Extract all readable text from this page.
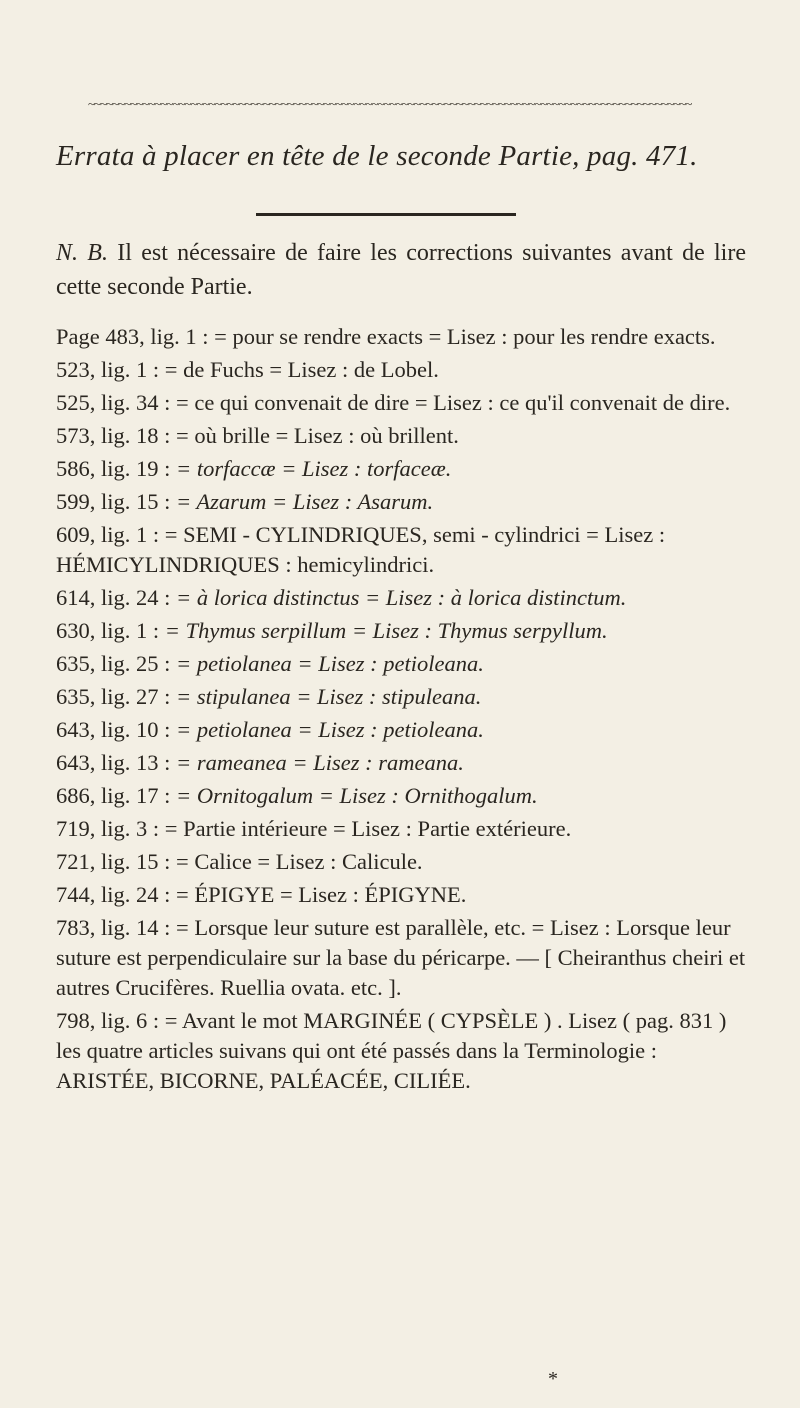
~~~~~~~~~~~~~~~~~~~~~~~~~~~~~~~~~~~~~~~~~~~~~~~~~~~~~~~~~~~~~~~~~~~~~~~~~~~~~~~~~~~~~~~~~~~~~~~~~~~~
Errata à placer en tête de le seconde Partie, pag. 471.
N. B. Il est nécessaire de faire les corrections suivantes avant de lire cette seconde Partie.
Page 483, lig. 1 : = pour se rendre exacts = Lisez : pour les rendre exacts.
523, lig. 1 : = de Fuchs = Lisez : de Lobel.
525, lig. 34 : = ce qui convenait de dire = Lisez : ce qu'il convenait de dire.
573, lig. 18 : = où brille = Lisez : où brillent.
586, lig. 19 : = torfaccæ = Lisez : torfaceæ.
599, lig. 15 : = Azarum = Lisez : Asarum.
609, lig. 1 : = SEMI - CYLINDRIQUES, semi - cylindrici = Lisez : HÉMICYLINDRIQUES : hemicylindrici.
614, lig. 24 : = à lorica distinctus = Lisez : à lorica distinctum.
630, lig. 1 : = Thymus serpillum = Lisez : Thymus serpyllum.
635, lig. 25 : = petiolanea = Lisez : petioleana.
635, lig. 27 : = stipulanea = Lisez : stipuleana.
643, lig. 10 : = petiolanea = Lisez : petioleana.
643, lig. 13 : = rameanea = Lisez : rameana.
686, lig. 17 : = Ornitogalum = Lisez : Ornithogalum.
719, lig. 3 : = Partie intérieure = Lisez : Partie extérieure.
721, lig. 15 : = Calice = Lisez : Calicule.
744, lig. 24 : = ÉPIGYE = Lisez : ÉPIGYNE.
783, lig. 14 : = Lorsque leur suture est parallèle, etc. = Lisez : Lorsque leur suture est perpendiculaire sur la base du péricarpe. — [ Cheiranthus cheiri et autres Crucifères. Ruellia ovata. etc. ].
798, lig. 6 : = Avant le mot MARGINÉE ( CYPSÈLE ) . Lisez ( pag. 831 ) les quatre articles suivans qui ont été passés dans la Terminologie : ARISTÉE, BICORNE, PALÉACÉE, CILIÉE.
*
